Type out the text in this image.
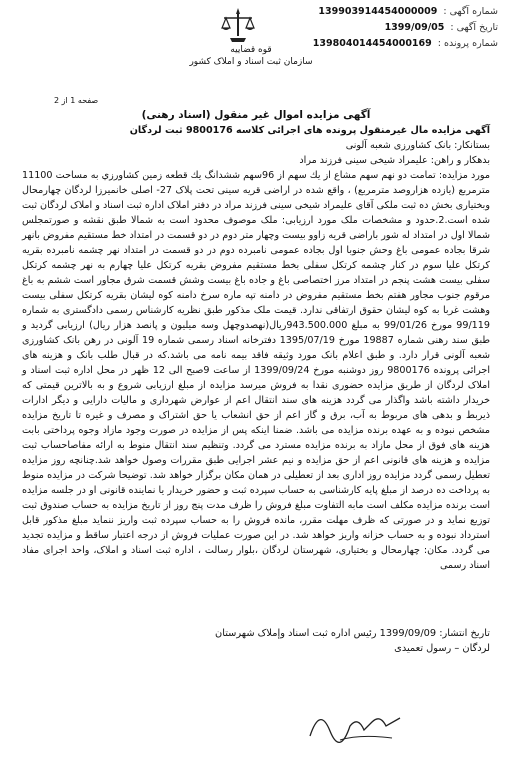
قوه قضاییه
سازمان ثبت اسناد و املاک کشور
شماره آگهی :
139903914454000009
تاریخ آگهی :
1399/09/05
شماره پرونده :
139804014454000169
صفحه 1 از 2

آگهی مزایده اموال غیر منقول (اسناد رهنی)

آگهی مزایده مال غیرمنقول پرونده های اجرائی کلاسه 9800176 ثبت لردگان

بستانکار: بانک کشاورزی شعبه آلونی

بدهکار و راهن: علیمراد شیخی سینی فرزند مراد

مورد مزایده: تمامت دو نهم سهم مشاع از یك سهم از 96سهم ششدانگ يك قطعه زمين كشاورزي به مساحت 11100 مترمربع (یازده هزاروصد مترمربع) ، واقع شده در اراضی قریه سینی تحت پلاک 27- اصلی خانمیرزا لردگان چهارمحال وبختیاری بخش ده ثبت ملکی آقای علیمراد شیخی سینی فرزند مراد در دفتر املاک اداره ثبت اسناد و املاک لردگان ثبت شده است.2.حدود و مشخصات ملک مورد ارزیابی: ملک موصوف محدود است به شمالا طبق نقشه و صورتمجلس شمالا اول در امتداد له شور باراضی قریه زاوو بیست وچهار متر دوم در دو قسمت در امتداد خط مستقیم مفروض بانهر شرقا بجاده عمومی باغ وحش جنوبا اول بجاده عمومی نامبرده دوم در دو قسمت در امتداد نهر چشمه نامبرده بقریه کرتکل علیا سوم در کنار چشمه کرتکل سفلی بخط مستقیم مفروض بقریه کرتکل علیا چهارم به نهر چشمه کرتکل سفلی بیست هشت پنجم در امتداد مرز اختصاصی باغ و جاده باغ بیست وشش قسمت شرق مجاور است ششم به باغ مرقوم جنوب مجاور هفتم بخط مستقیم مفروض در دامنه تپه ماره سرخ دامنه کوه لیشان بقریه کرتکل سفلی بیست وهشت غربا به کوه لیشان حقوق ارتفاقی ندارد. قیمت ملک مذکور طبق نظریه کارشناس رسمی دادگستری به شماره 99/119 مورخ 99/01/26 به مبلغ 943.500.000ریال(نهصدوچهل وسه میلیون و پانصد هزار ریال) ارزیابی گردید و طبق سند رهنی شماره 19887 مورخ 1395/07/19 دفترخانه اسناد رسمی شماره 19 آلونی در رهن بانک کشاورزی شعبه آلونی قرار دارد. و طبق اعلام بانک مورد وثیقه فاقد بیمه نامه می باشد.که در قبال طلب بانک و هزینه های اجرائی پرونده 9800176 روز دوشنبه مورخ 1399/09/24 از ساعت 9صبح الی 12 ظهر در محل اداره ثبت اسناد و املاک لردگان از طریق مزایده حضوری نقدا به فروش میرسد مزایده از مبلغ ارزیابی شروع و به بالاترین قیمتی که خریدار داشته باشد واگذار می گردد هزینه های سند انتقال اعم از عوارض شهرداری و مالیات دارایی و دیگر ادارات ذیربط و بدهی های مربوط به آب، برق و گاز اعم از حق انشعاب یا حق اشتراک و مصرف و غیره تا تاریخ مزایده مشخص نبوده و به عهده برنده مزایده می باشد. ضمنا اینکه پس از مزایده در صورت وجود مازاد وجوه پرداختی بابت هزینه های فوق از محل مازاد به برنده مزایده مسترد می گردد. وتنظیم سند انتقال منوط به ارائه مفاصاحساب ثبت مزایده و هزینه های قانونی اعم از حق مزایده و نیم عشر اجرایی طبق مقررات وصول خواهد شد.چنانچه روز مزایده تعطیل رسمی گردد مزایده روز اداری بعد از تعطیلی در همان مکان برگزار خواهد شد. توضیحا شرکت در مزایده منوط به پرداخت ده درصد از مبلغ پایه کارشناسی به حساب سپرده ثبت و حضور خریدار یا نماینده قانونی او در جلسه مزایده است برنده مزایده مکلف است مابه التفاوت مبلغ فروش را ظرف مدت پنج روز از تاریخ مزایده به حساب صندوق ثبت توزیع نماید و در صورتی که ظرف مهلت مقرر، مانده فروش را به حساب سپرده ثبت واریز ننماید مبلغ مذکور قابل استرداد نبوده و به حساب خزانه واریز خواهد شد. در این صورت عملیات فروش از درجه اعتبار ساقط و مزایده تجدید می گردد. مکان: چهارمحال و بختیاری، شهرستان لردگان ،بلوار رسالت ، اداره ثبت اسناد و املاک، واحد اجرای مفاد اسناد رسمی

تاریخ انتشار: 1399/09/09 رئیس اداره ثبت اسناد وإملاک شهرستان
لردگان – رسول تعمیدی
